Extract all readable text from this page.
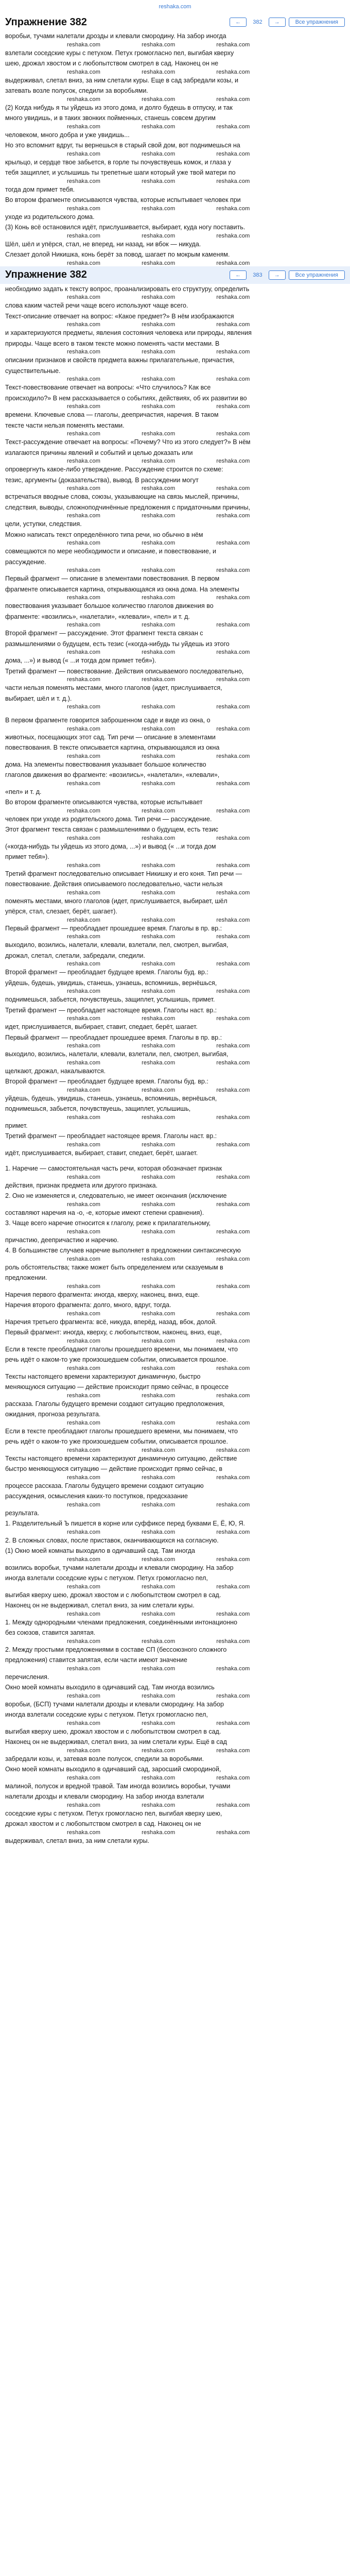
reshaka.com
Упражнение 382	←	382	→	Все упражнения

воробьи, тучами налетали дрозды и клевали смородину. На забор иногда

reshaka.com	reshaka.com	reshaka.com

взлетали соседские куры с петухом. Петух громогласно пел, выгибая кверху

шею, дрожал хвостом и с любопытством смотрел в сад. Наконец он не

reshaka.com	reshaka.com	reshaka.com

выдерживал, слетал вниз, за ним слетали куры. Еще в сад забредали козы, и

затевать возле полусок, спедили за воробьями.

reshaka.com	reshaka.com	reshaka.com

(2) Когда нибудь я ты уйдешь из этого дома, и долго будешь в отпуску, и так

много увидишь, и в таких звонких пойменных, станешь совсем другим

reshaka.com	reshaka.com	reshaka.com

человеком, много добра и уже увидишь...

Но это вспомнит вдруг, ты вернешься в старый свой дом, вот поднимешься на

reshaka.com	reshaka.com	reshaka.com

крыльцо, и сердце твое забьется, в горле ты почувствуешь комок, и глаза у

тебя защиплет, и услышишь ты трепетные шаги который уже твой матери по

reshaka.com	reshaka.com	reshaka.com

тогда дом примет тебя.

Во втором фрагменте описываются чувства, которые испытывает человек при

reshaka.com	reshaka.com	reshaka.com

уходе из родительского дома.

(3) Конь всё остановился идёт, прислушивается, выбирает, куда ногу поставить.

reshaka.com	reshaka.com	reshaka.com

Шёл, шёл и упёрся, стал, не вперед, ни назад, ни вбок — никуда.

Слезает долой Никишка, конь берёт за повод, шагает по мокрым каменям.

reshaka.com	reshaka.com	reshaka.com
Упражнение 382	←	383	→	Все упражнения

необходимо задать к тексту вопрос, проанализировать его структуру, определить

reshaka.com	reshaka.com	reshaka.com

слова каким частей речи чаще всего используют чаще всего.

Текст-описание отвечает на вопрос: «Какое предмет?» В нём изображаются

reshaka.com	reshaka.com	reshaka.com

и характеризуются предметы, явления состояния человека или природы, явления

природы. Чаще всего в таком тексте можно поменять части местами. В

reshaka.com	reshaka.com	reshaka.com

описании признаков и свойств предмета важны прилагательные, причастия,

существительные.

reshaka.com	reshaka.com	reshaka.com

Текст-повествование отвечает на вопросы: «Что случилось? Как все

происходило?» В нем рассказывается о событиях, действиях, об их развитии во

reshaka.com	reshaka.com	reshaka.com

времени. Ключевые слова — глаголы, деепричастия, наречия. В таком

тексте части нельзя поменять местами.

reshaka.com	reshaka.com	reshaka.com

Текст-рассуждение отвечает на вопросы: «Почему? Что из этого следует?» В нём

излагаются причины явлений и событий и целью доказать или

reshaka.com	reshaka.com	reshaka.com

опровергнуть какое-либо утверждение. Рассуждение строится по схеме:

тезис, аргументы (доказательства), вывод. В рассуждении могут

reshaka.com	reshaka.com	reshaka.com

встречаться вводные слова, союзы, указывающие на связь мыслей, причины,

следствия, выводы, сложноподчинённые предложения с придаточными причины,

reshaka.com	reshaka.com	reshaka.com

цели, уступки, следствия.

Можно написать текст определённого типа речи, но обычно в нём

reshaka.com	reshaka.com	reshaka.com

совмещаются по мере необходимости и описание, и повествование, и

рассуждение.

reshaka.com	reshaka.com	reshaka.com

Первый фрагмент — описание в элементами повествования. В первом

фрагменте описывается картина, открывающаяся из окна дома. На элементы

reshaka.com	reshaka.com	reshaka.com

повествования указывает большое количество глаголов движения во

фрагменте: «возились», «налетали», «клевали», «пел» и т. д.

reshaka.com	reshaka.com	reshaka.com

Второй фрагмент — рассуждение. Этот фрагмент текста связан с

размышлениями о будущем, есть тезис («когда-нибудь ты уйдешь из этого

reshaka.com	reshaka.com	reshaka.com

дома, ...») и вывод (« ...и тогда дом примет тебя»).

Третий фрагмент — повествование. Действия описываемого последовательно,

reshaka.com	reshaka.com	reshaka.com

части нельзя поменять местами, много глаголов (идет, прислушивается,

выбирает, шёл и т. д.).

reshaka.com	reshaka.com	reshaka.com

В первом фрагменте говорится заброшенном саде и виде из окна, о

reshaka.com	reshaka.com	reshaka.com

животных, посещающих этот сад. Тип речи — описание в элементами

повествования. В тексте описывается картина, открывающаяся из окна

reshaka.com	reshaka.com	reshaka.com

дома. На элементы повествования указывает большое количество

глаголов движения во фрагменте: «возились», «налетали», «клевали»,

reshaka.com	reshaka.com	reshaka.com

«пел» и т. д.

Во втором фрагменте описываются чувства, которые испытывает

reshaka.com	reshaka.com	reshaka.com

человек при уходе из родительского дома. Тип речи — рассуждение.

Этот фрагмент текста связан с размышлениями о будущем, есть тезис

reshaka.com	reshaka.com	reshaka.com

(«когда-нибудь ты уйдешь из этого дома, ...») и вывод (« ...и тогда дом

примет тебя»).

reshaka.com	reshaka.com	reshaka.com

Третий фрагмент последовательно описывает Никишку и его коня. Тип речи —

повествование. Действия описываемого последовательно, части нельзя

reshaka.com	reshaka.com	reshaka.com

поменять местами, много глаголов (идет, прислушивается, выбирает, шёл

упёрся, стал, слезает, берёт, шагает).

reshaka.com	reshaka.com	reshaka.com

Первый фрагмент — преобладает прошедшее время. Глаголы в пр. вр.:

reshaka.com	reshaka.com	reshaka.com

выходило, возились, налетали, клевали, взлетали, пел, смотрел, выгибая,

дрожал, слетал, слетали, забредали, спедили.

reshaka.com	reshaka.com	reshaka.com

Второй фрагмент — преобладает будущее время. Глаголы буд. вр.:

уйдешь, будешь, увидишь, станешь, узнаешь, вспомнишь, вернёшься,

reshaka.com	reshaka.com	reshaka.com

поднимешься, забьется, почувствуешь, защиплет, услышишь, примет.

Третий фрагмент — преобладает настоящее время. Глаголы наст. вр.:

reshaka.com	reshaka.com	reshaka.com

идет, прислушивается, выбирает, ставит, спедает, берёт, шагает.

Первый фрагмент — преобладает прошедшее время. Глаголы в пр. вр.:

reshaka.com	reshaka.com	reshaka.com

выходило, возились, налетали, клевали, взлетали, пел, смотрел, выгибая,

reshaka.com	reshaka.com	reshaka.com

щелкают, дрожал, накалываются.

Второй фрагмент — преобладает будущее время. Глаголы буд. вр.:

reshaka.com	reshaka.com	reshaka.com

уйдешь, будешь, увидишь, станешь, узнаешь, вспомнишь, вернёшься,

поднимешься, забьется, почувствуешь, защиплет, услышишь,

reshaka.com	reshaka.com	reshaka.com

примет.

Третий фрагмент — преобладает настоящее время. Глаголы наст. вр.:

reshaka.com	reshaka.com	reshaka.com

идёт, прислушивается, выбирает, ставит, спедает, берёт, шагает.

1. Наречие — самостоятельная часть речи, которая обозначает признак

reshaka.com	reshaka.com	reshaka.com

действия, признак предмета или другого признака.

2. Оно не изменяется и, следовательно, не имеет окончания (исключение

reshaka.com	reshaka.com	reshaka.com

составляют наречия на -о, -е, которые имеют степени сравнения).

3. Чаще всего наречие относится к глаголу, реже к прилагательному,

reshaka.com	reshaka.com	reshaka.com

причастию, деепричастию и наречию.

4. В большинстве случаев наречие выполняет в предложении синтаксическую

reshaka.com	reshaka.com	reshaka.com

роль обстоятельства; также может быть определением или сказуемым в

предложении.

reshaka.com	reshaka.com	reshaka.com

Наречия первого фрагмента: иногда, кверху, наконец, вниз, еще.

Наречия второго фрагмента: долго, много, вдруг, тогда.

reshaka.com	reshaka.com	reshaka.com

Наречия третьего фрагмента: всё, никуда, вперёд, назад, вбок, долой.

Первый фрагмент: иногда, кверху, с любопытством, наконец, вниз, еще,

reshaka.com	reshaka.com	reshaka.com

Если в тексте преобладают глаголы прошедшего времени, мы понимаем, что

речь идёт о каком-то уже произошедшем событии, описывается прошлое.

reshaka.com	reshaka.com	reshaka.com

Тексты настоящего времени характеризуют динамичную, быстро

меняющуюся ситуацию — действие происходит прямо сейчас, в процессе

reshaka.com	reshaka.com	reshaka.com

рассказа. Глаголы будущего времени создают ситуацию предположения,

ожидания, прогноза результата.

reshaka.com	reshaka.com	reshaka.com

Если в тексте преобладают глаголы прошедшего времени, мы понимаем, что

речь идёт о каком-то уже произошедшем событии, описывается прошлое.

reshaka.com	reshaka.com	reshaka.com

Тексты настоящего времени характеризуют динамичную ситуацию, действие

быстро меняющуюся ситуацию — действие происходит прямо сейчас, в

reshaka.com	reshaka.com	reshaka.com

процессе рассказа. Глаголы будущего времени создают ситуацию

рассуждения, осмысления каких-то поступков, предсказание

reshaka.com	reshaka.com	reshaka.com

результата.

1. Разделительный Ъ пишется в корне или суффиксе перед буквами Е, Ё, Ю, Я.

reshaka.com	reshaka.com	reshaka.com

2. В сложных словах, после приставок, оканчивающихся на согласную.

(1) Окно моей комнаты выходило в одичавший сад. Там иногда

reshaka.com	reshaka.com	reshaka.com

возились воробьи, тучами налетали дрозды и клевали смородину. На забор

иногда взлетали соседские куры с петухом. Петух громогласно пел,

reshaka.com	reshaka.com	reshaka.com

выгибая кверху шею, дрожал хвостом и с любопытством смотрел в сад.

Наконец он не выдерживал, слетал вниз, за ним слетали куры.

reshaka.com	reshaka.com	reshaka.com

1. Между однородными членами предложения, соединёнными интонационно

без союзов, ставится запятая.

reshaka.com	reshaka.com	reshaka.com

2. Между простыми предложениями в составе СП (бессоюзного сложного

предложения) ставится запятая, если части имеют значение

reshaka.com	reshaka.com	reshaka.com

перечисления.

Окно моей комнаты выходило в одичавший сад. Там иногда возились

reshaka.com	reshaka.com	reshaka.com

воробьи, (БСП) тучами налетали дрозды и клевали смородину. На забор

иногда взлетали соседские куры с петухом. Петух громогласно пел,

reshaka.com	reshaka.com	reshaka.com

выгибая кверху шею, дрожал хвостом и с любопытством смотрел в сад.

Наконец он не выдерживал, слетал вниз, за ним слетали куры. Ещё в сад

reshaka.com	reshaka.com	reshaka.com

забредали козы, и, затевая возле полусок, спедили за воробьями.

Окно моей комнаты выходило в одичавший сад, заросший смородиной,

reshaka.com	reshaka.com	reshaka.com

малиной, полусок и вредной травой. Там иногда возились воробьи, тучами

налетали дрозды и клевали смородину. На забор иногда взлетали

reshaka.com	reshaka.com	reshaka.com

соседские куры с петухом. Петух громогласно пел, выгибая кверху шею,

дрожал хвостом и с любопытством смотрел в сад. Наконец он не

reshaka.com	reshaka.com	reshaka.com

выдерживал, слетал вниз, за ним слетали куры.
